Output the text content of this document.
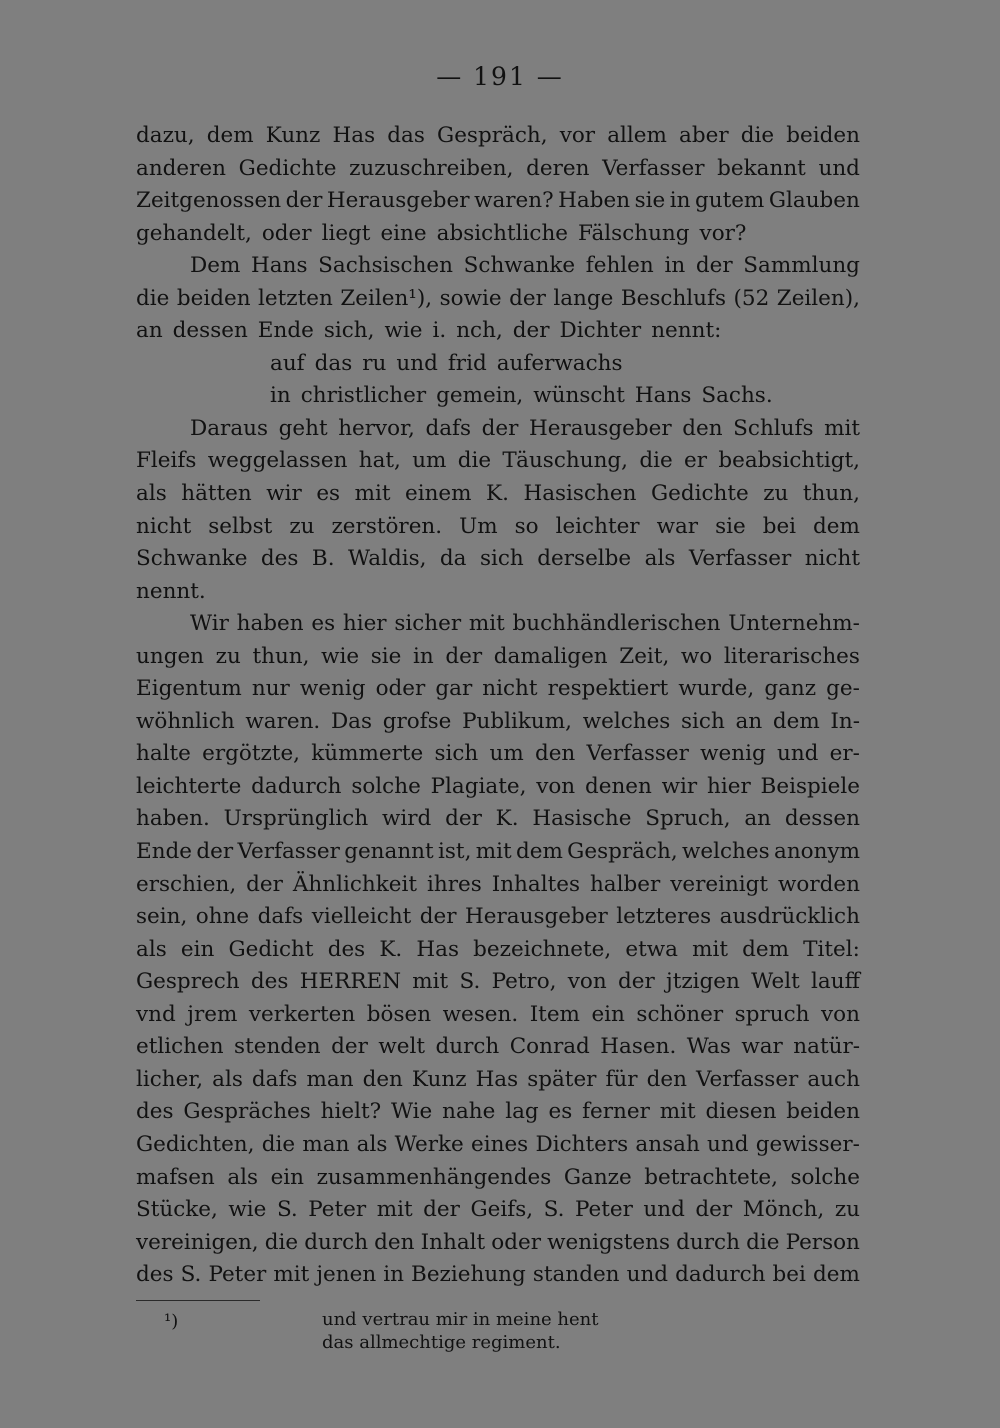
— 191 —
dazu, dem Kunz Has das Gespräch, vor allem aber die beiden
anderen Gedichte zuzuschreiben, deren Verfasser bekannt und
Zeitgenossen der Herausgeber waren? Haben sie in gutem Glauben
gehandelt, oder liegt eine absichtliche Fälschung vor?
Dem Hans Sachsischen Schwanke fehlen in der Sammlung
die beiden letzten Zeilen¹), sowie der lange Beschlufs (52 Zeilen),
an dessen Ende sich, wie i. nch, der Dichter nennt:
auf das ru und frid auferwachs
in christlicher gemein, wünscht Hans Sachs.
Daraus geht hervor, dafs der Herausgeber den Schlufs mit
Fleifs weggelassen hat, um die Täuschung, die er beabsichtigt,
als hätten wir es mit einem K. Hasischen Gedichte zu thun,
nicht selbst zu zerstören. Um so leichter war sie bei dem
Schwanke des B. Waldis, da sich derselbe als Verfasser nicht
nennt.
Wir haben es hier sicher mit buchhändlerischen Unternehm-
ungen zu thun, wie sie in der damaligen Zeit, wo literarisches
Eigentum nur wenig oder gar nicht respektiert wurde, ganz ge-
wöhnlich waren. Das grofse Publikum, welches sich an dem In-
halte ergötzte, kümmerte sich um den Verfasser wenig und er-
leichterte dadurch solche Plagiate, von denen wir hier Beispiele
haben. Ursprünglich wird der K. Hasische Spruch, an dessen
Ende der Verfasser genannt ist, mit dem Gespräch, welches anonym
erschien, der Ähnlichkeit ihres Inhaltes halber vereinigt worden
sein, ohne dafs vielleicht der Herausgeber letzteres ausdrücklich
als ein Gedicht des K. Has bezeichnete, etwa mit dem Titel:
Gesprech des HERREN mit S. Petro, von der jtzigen Welt lauff
vnd jrem verkerten bösen wesen. Item ein schöner spruch von
etlichen stenden der welt durch Conrad Hasen. Was war natür-
licher, als dafs man den Kunz Has später für den Verfasser auch
des Gespräches hielt? Wie nahe lag es ferner mit diesen beiden
Gedichten, die man als Werke eines Dichters ansah und gewisser-
mafsen als ein zusammenhängendes Ganze betrachtete, solche
Stücke, wie S. Peter mit der Geifs, S. Peter und der Mönch, zu
vereinigen, die durch den Inhalt oder wenigstens durch die Person
des S. Peter mit jenen in Beziehung standen und dadurch bei dem
¹)	und vertrau mir in meine hent
das allmechtige regiment.
